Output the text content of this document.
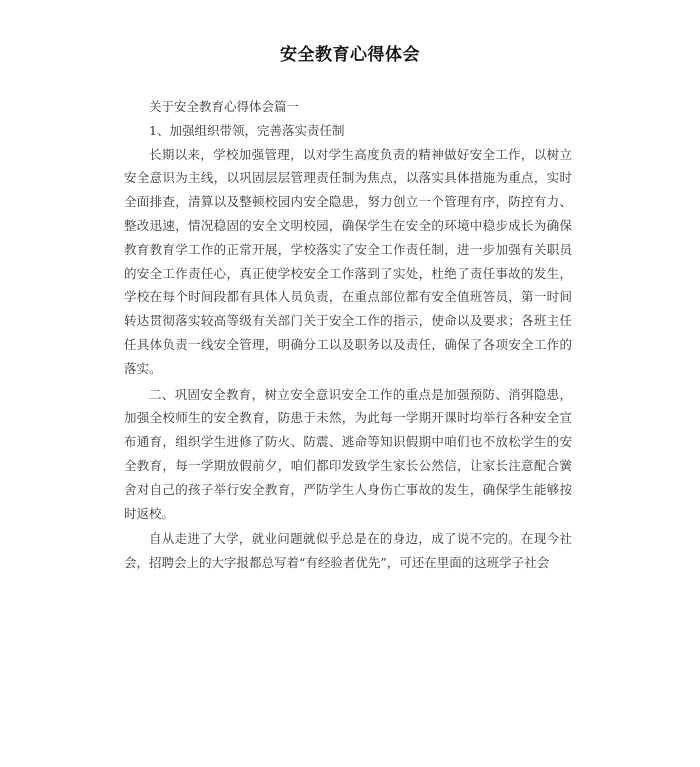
安全教育心得体会

关于安全教育心得体会篇一

1、加强组织带领，完善落实责任制

长期以来，学校加强管理，以对学生高度负责的精神做好安全工作，以树立安全意识为主线，以巩固层层管理责任制为焦点，以落实具体措施为重点，实时全面排查，清算以及整顿校园内安全隐患，努力创立一个管理有序，防控有力、整改迅速，情况稳固的安全文明校园，确保学生在安全的环境中稳步成长为确保教育教育学工作的正常开展，学校落实了安全工作责任制，进一步加强有关职员的安全工作责任心，真正使学校安全工作落到了实处，杜绝了责任事故的发生，学校在每个时间段都有具体人员负责，在重点部位都有安全值班答员，第一时间转达贯彻落实较高等级有关部门关于安全工作的指示，使命以及要求；各班主任任具体负责一线安全管理，明确分工以及职务以及责任，确保了各项安全工作的落实。

二、巩固安全教育，树立安全意识安全工作的重点是加强预防、消弭隐患，加强全校师生的安全教育，防患于未然，为此每一学期开课时均举行各种安全宣布通育，组织学生进修了防火、防震、逃命等知识假期中咱们也不放松学生的安全教育，每一学期放假前夕，咱们都印发致学生家长公然信，让家长注意配合黉舍对自己的孩子举行安全教育，严防学生人身伤亡事故的发生，确保学生能够按时返校。

自从走进了大学，就业问题就似乎总是在的身边，成了说不完的。在现今社会，招聘会上的大字报都总写着“有经验者优先”，可还在里面的这班学子社会
